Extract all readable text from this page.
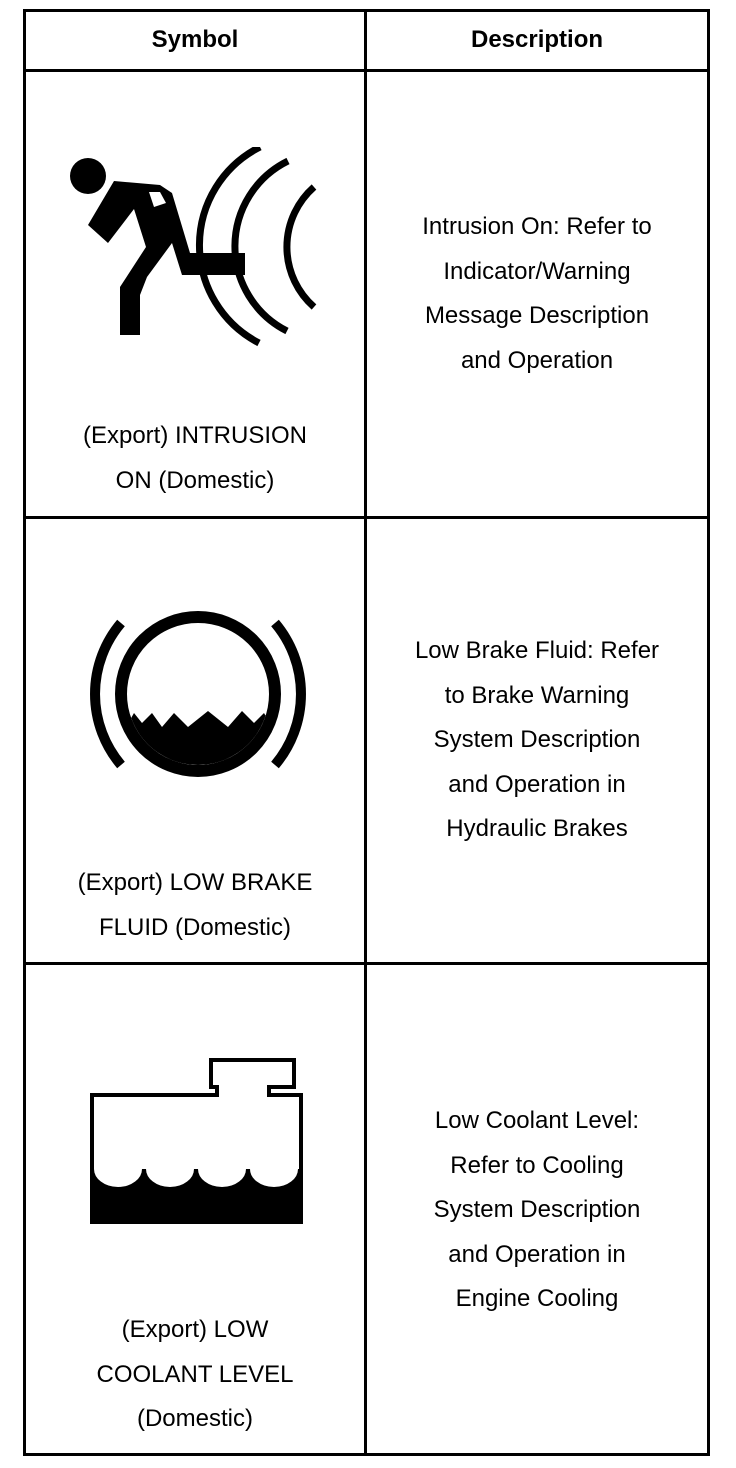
Symbol	Description
(Export) INTRUSION
ON (Domestic)
Intrusion On: Refer to
Indicator/Warning
Message Description
and Operation
(Export) LOW BRAKE
FLUID (Domestic)
Low Brake Fluid: Refer
to Brake Warning
System Description
and Operation in
Hydraulic Brakes
(Export) LOW
COOLANT LEVEL
(Domestic)
Low Coolant Level:
Refer to Cooling
System Description
and Operation in
Engine Cooling
